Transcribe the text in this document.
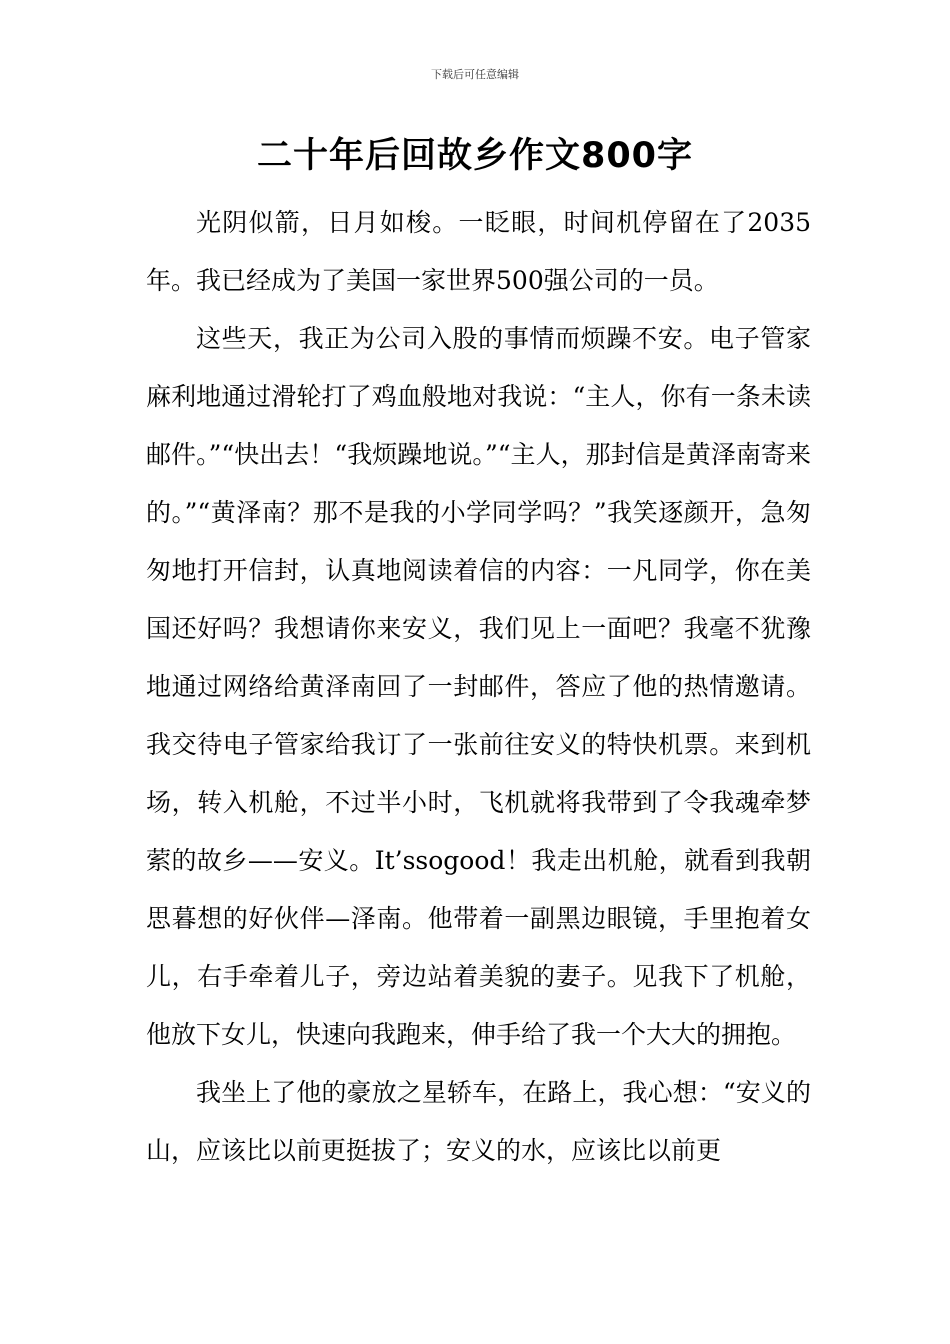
下载后可任意编辑
二十年后回故乡作文800字

光阴似箭，日月如梭。一眨眼，时间机停留在了2035年。我已经成为了美国一家世界500强公司的一员。

这些天，我正为公司入股的事情而烦躁不安。电子管家麻利地通过滑轮打了鸡血般地对我说：“主人，你有一条未读邮件。”“快出去！“我烦躁地说。”“主人，那封信是黄泽南寄来的。”“黄泽南？那不是我的小学同学吗？”我笑逐颜开，急匆匆地打开信封，认真地阅读着信的内容：一凡同学，你在美国还好吗？我想请你来安义，我们见上一面吧？我毫不犹豫地通过网络给黄泽南回了一封邮件，答应了他的热情邀请。我交待电子管家给我订了一张前往安义的特快机票。来到机场，转入机舱，不过半小时，飞机就将我带到了令我魂牵梦萦的故乡——安义。It’ssogood！我走出机舱，就看到我朝思暮想的好伙伴—泽南。他带着一副黑边眼镜，手里抱着女儿，右手牵着儿子，旁边站着美貌的妻子。见我下了机舱，他放下女儿，快速向我跑来，伸手给了我一个大大的拥抱。

我坐上了他的豪放之星轿车，在路上，我心想：“安义的山，应该比以前更挺拔了；安义的水，应该比以前更
